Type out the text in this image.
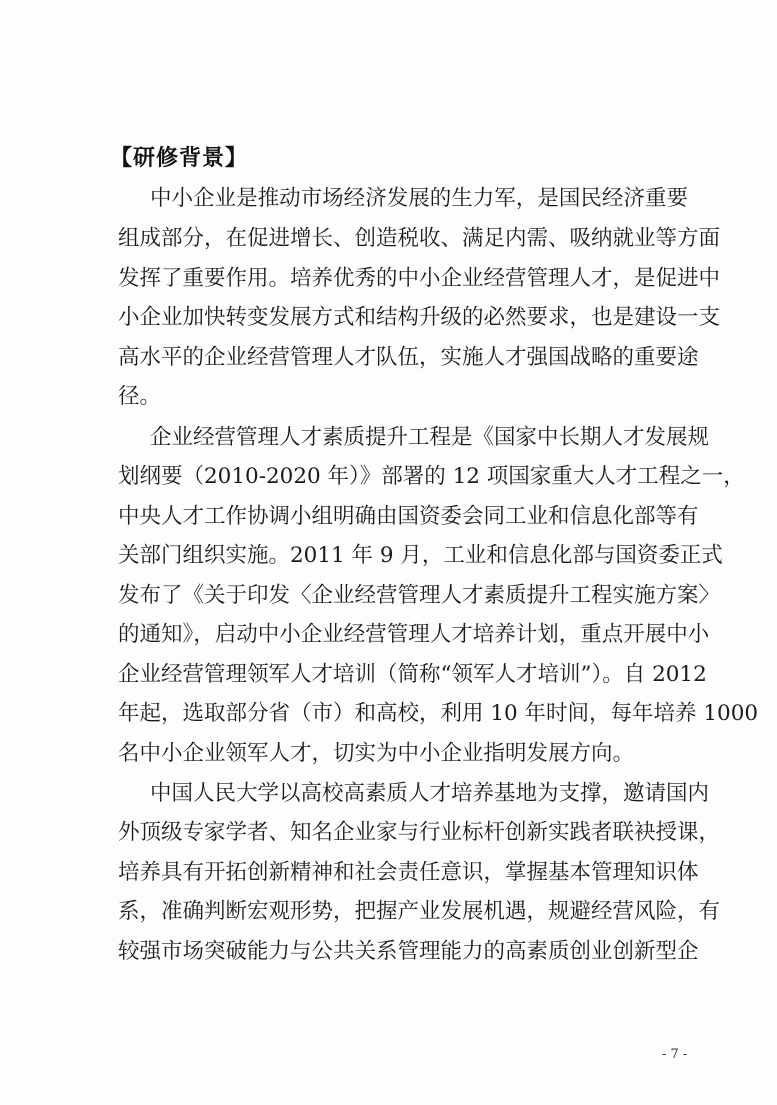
【研修背景】
中小企业是推动市场经济发展的生力军，是国民经济重要
组成部分，在促进增长、创造税收、满足内需、吸纳就业等方面
发挥了重要作用。培养优秀的中小企业经营管理人才，是促进中
小企业加快转变发展方式和结构升级的必然要求，也是建设一支
高水平的企业经营管理人才队伍，实施人才强国战略的重要途
径。
企业经营管理人才素质提升工程是《国家中长期人才发展规
划纲要（2010-2020 年）》部署的 12 项国家重大人才工程之一，
中央人才工作协调小组明确由国资委会同工业和信息化部等有
关部门组织实施。2011 年 9 月，工业和信息化部与国资委正式
发布了《关于印发〈企业经营管理人才素质提升工程实施方案〉
的通知》，启动中小企业经营管理人才培养计划，重点开展中小
企业经营管理领军人才培训（简称“领军人才培训”）。自 2012
年起，选取部分省（市）和高校，利用 10 年时间，每年培养 1000
名中小企业领军人才，切实为中小企业指明发展方向。
中国人民大学以高校高素质人才培养基地为支撑，邀请国内
外顶级专家学者、知名企业家与行业标杆创新实践者联袂授课，
培养具有开拓创新精神和社会责任意识，掌握基本管理知识体
系，准确判断宏观形势，把握产业发展机遇，规避经营风险，有
较强市场突破能力与公共关系管理能力的高素质创业创新型企
- 7 -
